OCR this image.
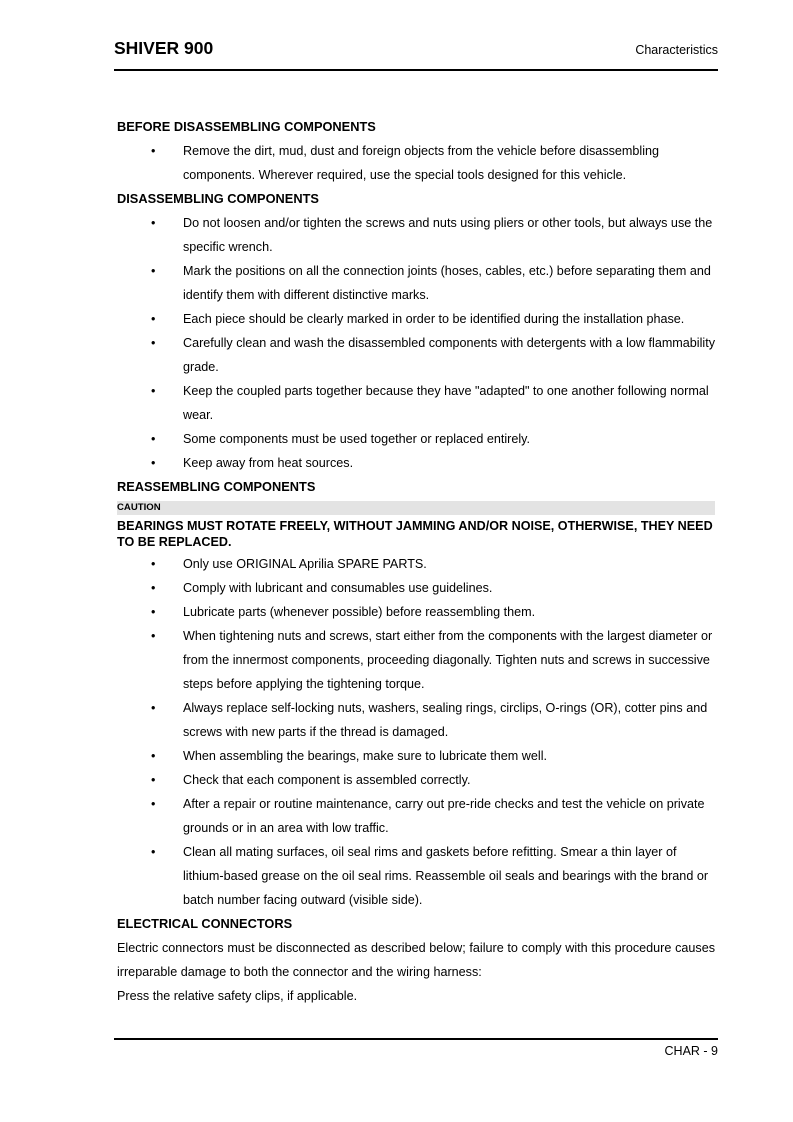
SHIVER 900	Characteristics
BEFORE DISASSEMBLING COMPONENTS
• Remove the dirt, mud, dust and foreign objects from the vehicle before disassembling components. Wherever required, use the special tools designed for this vehicle.
DISASSEMBLING COMPONENTS
• Do not loosen and/or tighten the screws and nuts using pliers or other tools, but always use the specific wrench.
• Mark the positions on all the connection joints (hoses, cables, etc.) before separating them and identify them with different distinctive marks.
• Each piece should be clearly marked in order to be identified during the installation phase.
• Carefully clean and wash the disassembled components with detergents with a low flammability grade.
• Keep the coupled parts together because they have "adapted" to one another following normal wear.
• Some components must be used together or replaced entirely.
• Keep away from heat sources.
REASSEMBLING COMPONENTS
CAUTION
BEARINGS MUST ROTATE FREELY, WITHOUT JAMMING AND/OR NOISE, OTHERWISE, THEY NEED TO BE REPLACED.
• Only use ORIGINAL Aprilia SPARE PARTS.
• Comply with lubricant and consumables use guidelines.
• Lubricate parts (whenever possible) before reassembling them.
• When tightening nuts and screws, start either from the components with the largest diameter or from the innermost components, proceeding diagonally. Tighten nuts and screws in successive steps before applying the tightening torque.
• Always replace self-locking nuts, washers, sealing rings, circlips, O-rings (OR), cotter pins and screws with new parts if the thread is damaged.
• When assembling the bearings, make sure to lubricate them well.
• Check that each component is assembled correctly.
• After a repair or routine maintenance, carry out pre-ride checks and test the vehicle on private grounds or in an area with low traffic.
• Clean all mating surfaces, oil seal rims and gaskets before refitting. Smear a thin layer of lithium-based grease on the oil seal rims. Reassemble oil seals and bearings with the brand or batch number facing outward (visible side).
ELECTRICAL CONNECTORS
Electric connectors must be disconnected as described below; failure to comply with this procedure causes irreparable damage to both the connector and the wiring harness:
Press the relative safety clips, if applicable.
CHAR - 9
